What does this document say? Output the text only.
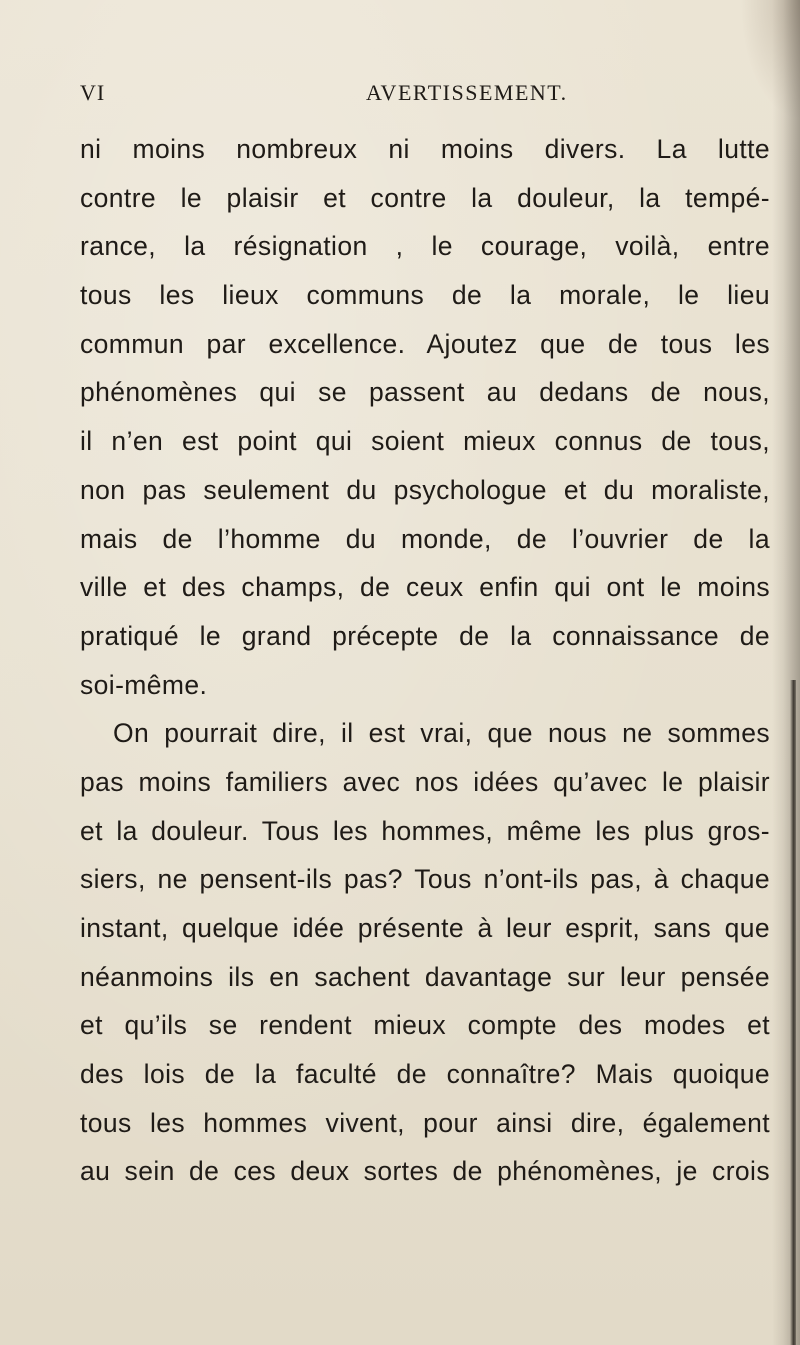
VI	AVERTISSEMENT.
ni moins nombreux ni moins divers. La lutte
contre le plaisir et contre la douleur, la tempé-
rance, la résignation , le courage, voilà, entre
tous les lieux communs de la morale, le lieu
commun par excellence. Ajoutez que de tous les
phénomènes qui se passent au dedans de nous,
il n’en est point qui soient mieux connus de tous,
non pas seulement du psychologue et du moraliste,
mais de l’homme du monde, de l’ouvrier de la
ville et des champs, de ceux enfin qui ont le moins
pratiqué le grand précepte de la connaissance de
soi-même.
On pourrait dire, il est vrai, que nous ne sommes
pas moins familiers avec nos idées qu’avec le plaisir
et la douleur. Tous les hommes, même les plus gros-
siers, ne pensent-ils pas? Tous n’ont-ils pas, à chaque
instant, quelque idée présente à leur esprit, sans que
néanmoins ils en sachent davantage sur leur pensée
et qu’ils se rendent mieux compte des modes et
des lois de la faculté de connaître? Mais quoique
tous les hommes vivent, pour ainsi dire, également
au sein de ces deux sortes de phénomènes, je crois
